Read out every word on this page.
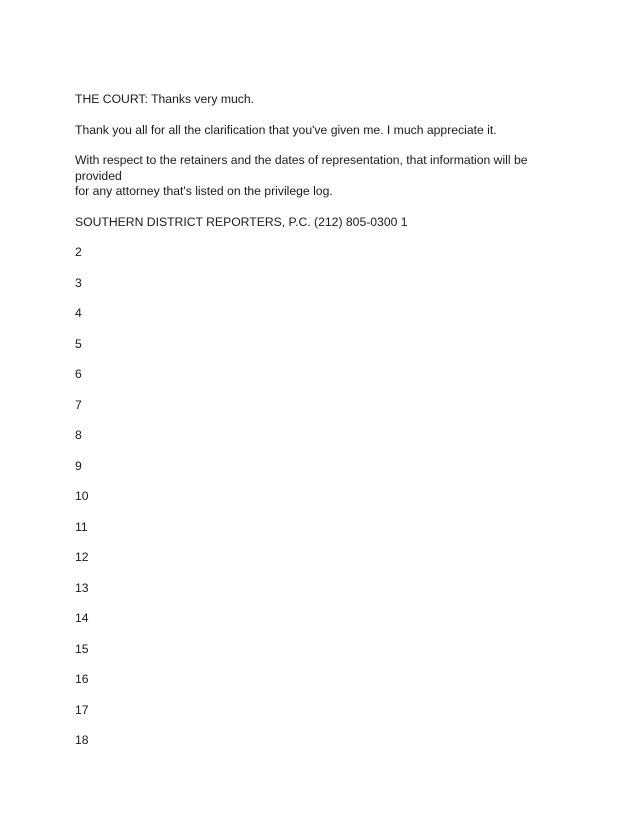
THE COURT: Thanks very much.

Thank you all for all the clarification that you've given me. I much appreciate it.

With respect to the retainers and the dates of representation, that information will be provided
for any attorney that's listed on the privilege log.

SOUTHERN DISTRICT REPORTERS, P.C. (212) 805-0300 1

2
3
4
5
6
7
8
9
10
11
12
13
14
15
16
17
18
